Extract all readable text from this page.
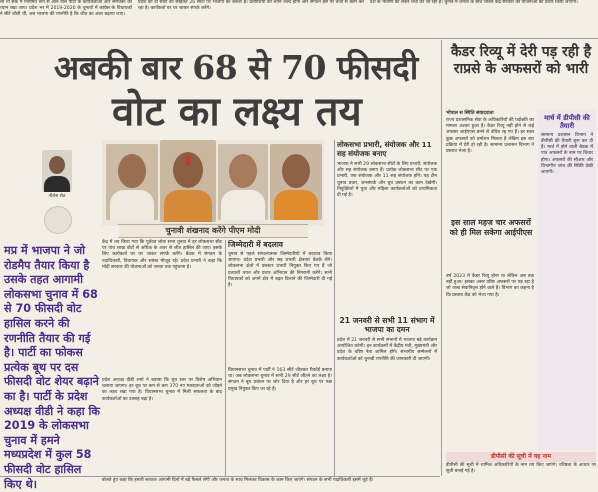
ली ता सके में नियमित रूप से आने वाले पार्टी के कार्यकर्ताओं और समर्थकों का ध्यान रखा जाए। प्रदेश भर में 2019-2020 के चुनावों में कांग्रेस के विधायकों ने सीटें जीती थीं, अब भाजपा की रणनीति है कि जीत का अंतर बढ़ाया जाए।
प्रदेश की दो सीटों को छोड़कर 26 सीटों पर भाजपा का कब्जा है। प्रत्याशियों का चयन जल्द होगा और संगठन इस पर तेजी से काम कर रहा है। कार्यकर्ता घर घर जाकर संपर्क करेंगे।
देश के भविष्य को लेकर चर्चा की जा रही है। चुनाव में जनता के बीच जाकर केंद्र सरकार की योजनाओं का प्रचार किया जाएगा।
अबकी बार 68 से 70 फीसदी
वोट का लक्ष्य तय
नीलेश सेठ
चुनावी शंखनाद करेंगे पीएम मोदी
मप्र में भाजपा ने जो रोडमैप तैयार किया है उसके तहत आगामी लोकसभा चुनाव में 68 से 70 फीसदी वोट हासिल करने की रणनीति तैयार की गई है। पार्टी का फोकस प्रत्येक बूथ पर दस फीसदी वोट शेयर बढ़ाने का है। पार्टी के प्रदेश अध्यक्ष वीडी ने कहा कि 2019 के लोकसभा चुनाव में हमने मध्यप्रदेश में कुल 58 फीसदी वोट हासिल किए थे।
केंद्र में तय किया गया कि पूर्ववत लोक सभा चुनाव में हर लोकसभा सीट पर पांच लाख वोटों से अधिक के अंतर से जीत हासिल की जाए। इसके लिए कार्यकर्ता घर घर जाकर संपर्क करेंगे। बैठक में संगठन के पदाधिकारी, विधायक और सांसद मौजूद रहे। प्रदेश प्रभारी ने कहा कि मोदी सरकार की योजनाओं को जनता तक पहुंचाना है।
प्रदेश अध्यक्ष वीडी शर्मा ने बताया कि बूथ स्तर पर विशेष अभियान चलाया जाएगा। हर बूथ पर कम से कम 370 नए मतदाताओं को जोड़ने का लक्ष्य रखा गया है। विधानसभा चुनाव में मिली सफलता के बाद कार्यकर्ताओं का उत्साह बढ़ा है।
जिम्मेदारी में बदलाव
चुनाव से पहले संगठनात्मक जिम्मेदारियों में बदलाव किया जाएगा। प्रदेश प्रभारी और सह प्रभारी क्षेत्रवार बैठकें लेंगे। लोकसभा क्षेत्रों में क्लस्टर प्रभारी नियुक्त किए गए हैं जो प्रत्याशी चयन और प्रचार अभियान की निगरानी करेंगे। सभी विधायकों को अपने क्षेत्र में बढ़त दिलाने की जिम्मेदारी दी गई है।
विधानसभा चुनाव में पार्टी ने 163 सीटें जीतकर रिकॉर्ड बनाया था। अब लोकसभा चुनाव में सभी 29 सीटें जीतने का लक्ष्य है। संगठन ने बूथ प्रबंधन पर जोर दिया है और हर बूथ पर पन्ना प्रमुख नियुक्त किए जा रहे हैं।
लोकसभा प्रभारी, संयोजक और 11 सह संयोजक बनाए
भाजपा ने सभी 29 लोकसभा सीटों के लिए प्रभारी, संयोजक और सह संयोजक बनाए हैं। प्रत्येक लोकसभा सीट पर एक प्रभारी, एक संयोजक और 11 सह संयोजक होंगे। यह टीम चुनाव प्रचार, जनसंपर्क और बूथ प्रबंधन का काम देखेगी। नियुक्तियों में युवा और महिला कार्यकर्ताओं को प्राथमिकता दी गई है।
21 जनवरी से सभी 11 संभाग में भाजपा का दमन
प्रदेश में 21 जनवरी से सभी संभागों में भाजपा बड़े कार्यक्रम आयोजित करेगी। इन कार्यक्रमों में केंद्रीय मंत्री, मुख्यमंत्री और प्रदेश के वरिष्ठ नेता शामिल होंगे। संभागीय सम्मेलनों में कार्यकर्ताओं को चुनावी रणनीति की जानकारी दी जाएगी।
कैडर रिव्यू में देरी पड़ रही है राप्रसे के अफसरों को भारी
भोपाल स स्थिति संवाददाता
राज्य प्रशासनिक सेवा के अधिकारियों की पदोन्नति का मामला अटका हुआ है। कैडर रिव्यू नहीं होने से कई अफसर आईएएस बनने से वंचित रह गए हैं। हर साल कुछ अफसरों को प्रमोशन मिलता है लेकिन इस बार प्रक्रिया में देरी हो रही है। सामान्य प्रशासन विभाग ने प्रस्ताव भेजा है।
इस साल महज चार अफसरों को ही मिल सकेगा आईपीएस
वर्ष 2023 में कैडर रिव्यू होना था लेकिन अब तक नहीं हुआ। इसका असर वरिष्ठ अफसरों पर पड़ रहा है जो जल्द सेवानिवृत्त होने वाले हैं। विभाग का कहना है कि प्रस्ताव केंद्र को भेजा गया है।
मार्च में डीपीसी की तैयारी
सामान्य प्रशासन विभाग ने डीपीसी की तैयारी शुरू कर दी है। मार्च में होने वाली बैठक में पात्र अफसरों के नाम पर विचार होगा। अफसरों की सीआर और विभागीय जांच की स्थिति देखी जाएगी।
डीपीसी की सूची में यह नाम
डीपीसी की सूची में शामिल अधिकारियों के नाम तय किए जाएंगे। वरिष्ठता के आधार पर सूची बनाई गई है।
बोलते हुए कहा कि हमारी सरकार आगामी दिनों में बड़े फैसले लेगी और जनता के साथ मिलकर विकास के काम किए जाएंगे। संगठन के सभी पदाधिकारी इसमें जुटे हैं।
